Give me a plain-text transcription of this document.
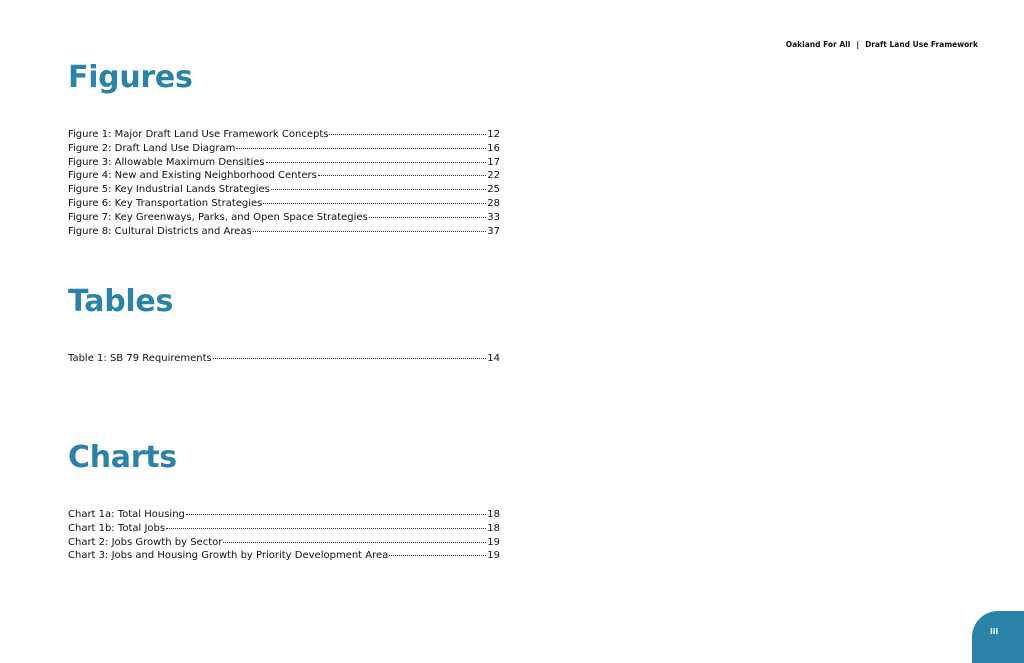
Oakland For All | Draft Land Use Framework
Figures
Figure 1: Major Draft Land Use Framework Concepts	12
Figure 2: Draft Land Use Diagram	16
Figure 3: Allowable Maximum Densities	17
Figure 4: New and Existing Neighborhood Centers	22
Figure 5: Key Industrial Lands Strategies	25
Figure 6: Key Transportation Strategies	28
Figure 7: Key Greenways, Parks, and Open Space Strategies	33
Figure 8: Cultural Districts and Areas	37
Tables
Table 1: SB 79 Requirements	14
Charts
Chart 1a: Total Housing	18
Chart 1b: Total Jobs	18
Chart 2: Jobs Growth by Sector	19
Chart 3: Jobs and Housing Growth by Priority Development Area	19
iii
